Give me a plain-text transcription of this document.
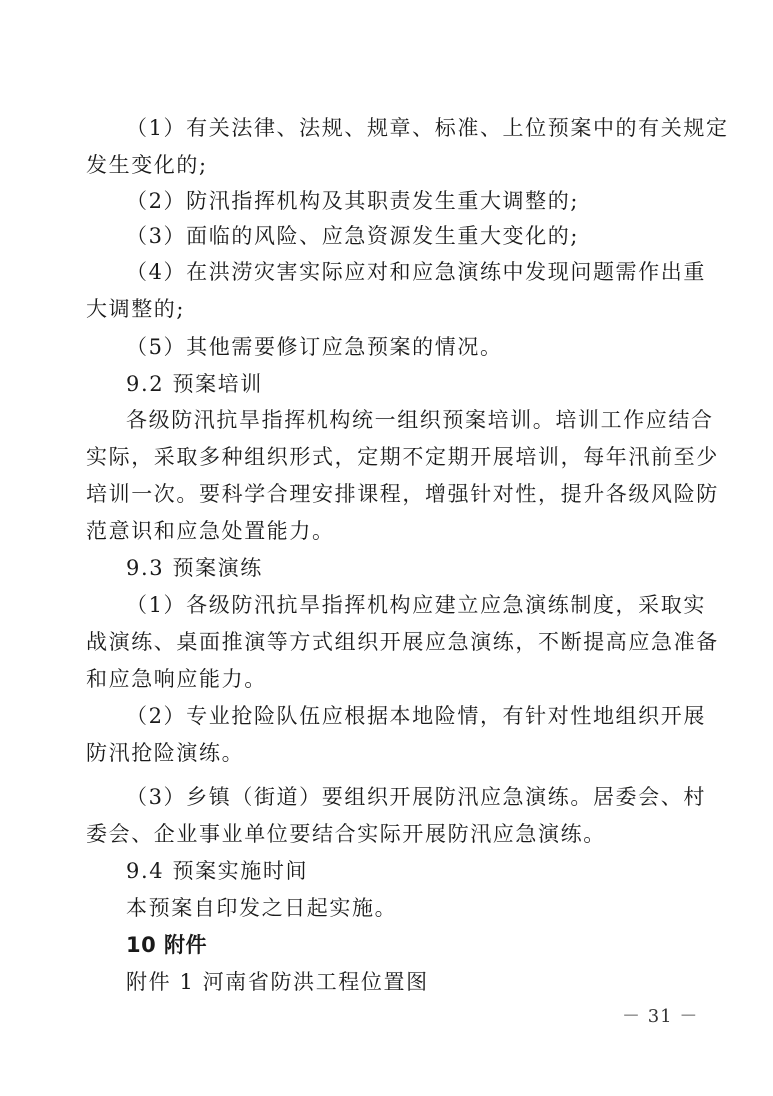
（1）有关法律、法规、规章、标准、上位预案中的有关规定
发生变化的;
（2）防汛指挥机构及其职责发生重大调整的;
（3）面临的风险、应急资源发生重大变化的;
（4）在洪涝灾害实际应对和应急演练中发现问题需作出重
大调整的;
（5）其他需要修订应急预案的情况。
9.2 预案培训
各级防汛抗旱指挥机构统一组织预案培训。培训工作应结合
实际，采取多种组织形式，定期不定期开展培训，每年汛前至少
培训一次。要科学合理安排课程，增强针对性，提升各级风险防
范意识和应急处置能力。
9.3 预案演练
（1）各级防汛抗旱指挥机构应建立应急演练制度，采取实
战演练、桌面推演等方式组织开展应急演练，不断提高应急准备
和应急响应能力。
（2）专业抢险队伍应根据本地险情，有针对性地组织开展
防汛抢险演练。
（3）乡镇（街道）要组织开展防汛应急演练。居委会、村
委会、企业事业单位要结合实际开展防汛应急演练。
9.4 预案实施时间
本预案自印发之日起实施。
10 附件
附件 1 河南省防洪工程位置图
－ 31 －
